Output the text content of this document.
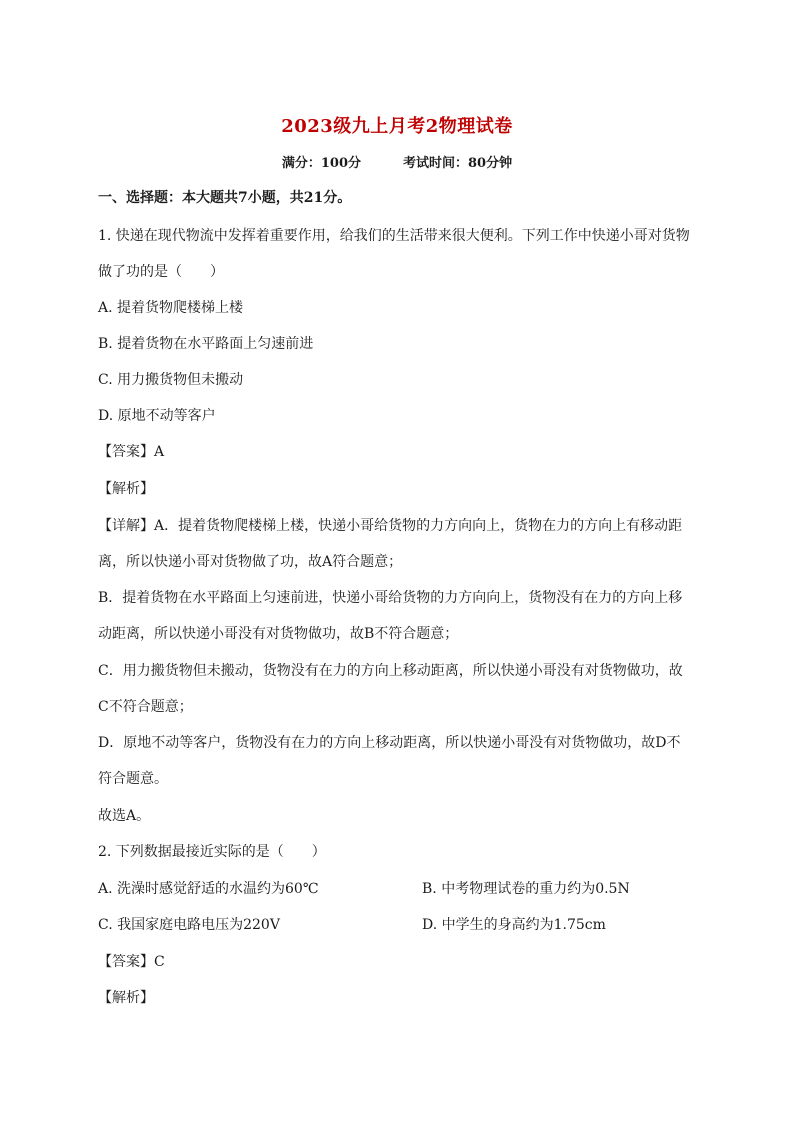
2023级九上月考2物理试卷
满分：100分	考试时间：80分钟
一、选择题：本大题共7小题，共21分。
1. 快递在现代物流中发挥着重要作用，给我们的生活带来很大便利。下列工作中快递小哥对货物
做了功的是（　　）
A. 提着货物爬楼梯上楼
B. 提着货物在水平路面上匀速前进
C. 用力搬货物但未搬动
D. 原地不动等客户
【答案】A
【解析】
【详解】A．提着货物爬楼梯上楼，快递小哥给货物的力方向向上，货物在力的方向上有移动距
离，所以快递小哥对货物做了功，故A符合题意；
B．提着货物在水平路面上匀速前进，快递小哥给货物的力方向向上，货物没有在力的方向上移
动距离，所以快递小哥没有对货物做功，故B不符合题意；
C．用力搬货物但未搬动，货物没有在力的方向上移动距离，所以快递小哥没有对货物做功，故
C不符合题意；
D．原地不动等客户，货物没有在力的方向上移动距离，所以快递小哥没有对货物做功，故D不
符合题意。
故选A。
2. 下列数据最接近实际的是（　　）
A. 洗澡时感觉舒适的水温约为60℃	B. 中考物理试卷的重力约为0.5N
C. 我国家庭电路电压为220V	D. 中学生的身高约为1.75cm
【答案】C
【解析】
